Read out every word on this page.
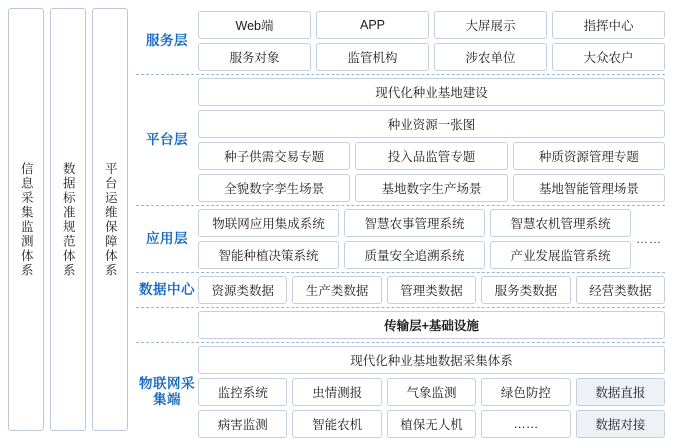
信息采集监测体系 数据标准规范体系 平台运维保障体系
服务层
Web端	APP	大屏展示	指挥中心
服务对象	监管机构	涉农单位	大众农户
平台层
现代化种业基地建设
种业资源一张图
种子供需交易专题	投入品监管专题	种质资源管理专题
全貌数字孪生场景	基地数字生产场景	基地智能管理场景
应用层
物联网应用集成系统	智慧农事管理系统	智慧农机管理系统
智能种植决策系统	质量安全追溯系统	产业发展监管系统
……
数据中心	资源类数据	生产类数据	管理类数据	服务类数据	经营类数据
传输层+基础设施
物联网采集端
现代化种业基地数据采集体系
监控系统	虫情测报	气象监测	绿色防控	数据直报
病害监测	智能农机	植保无人机	……	数据对接
